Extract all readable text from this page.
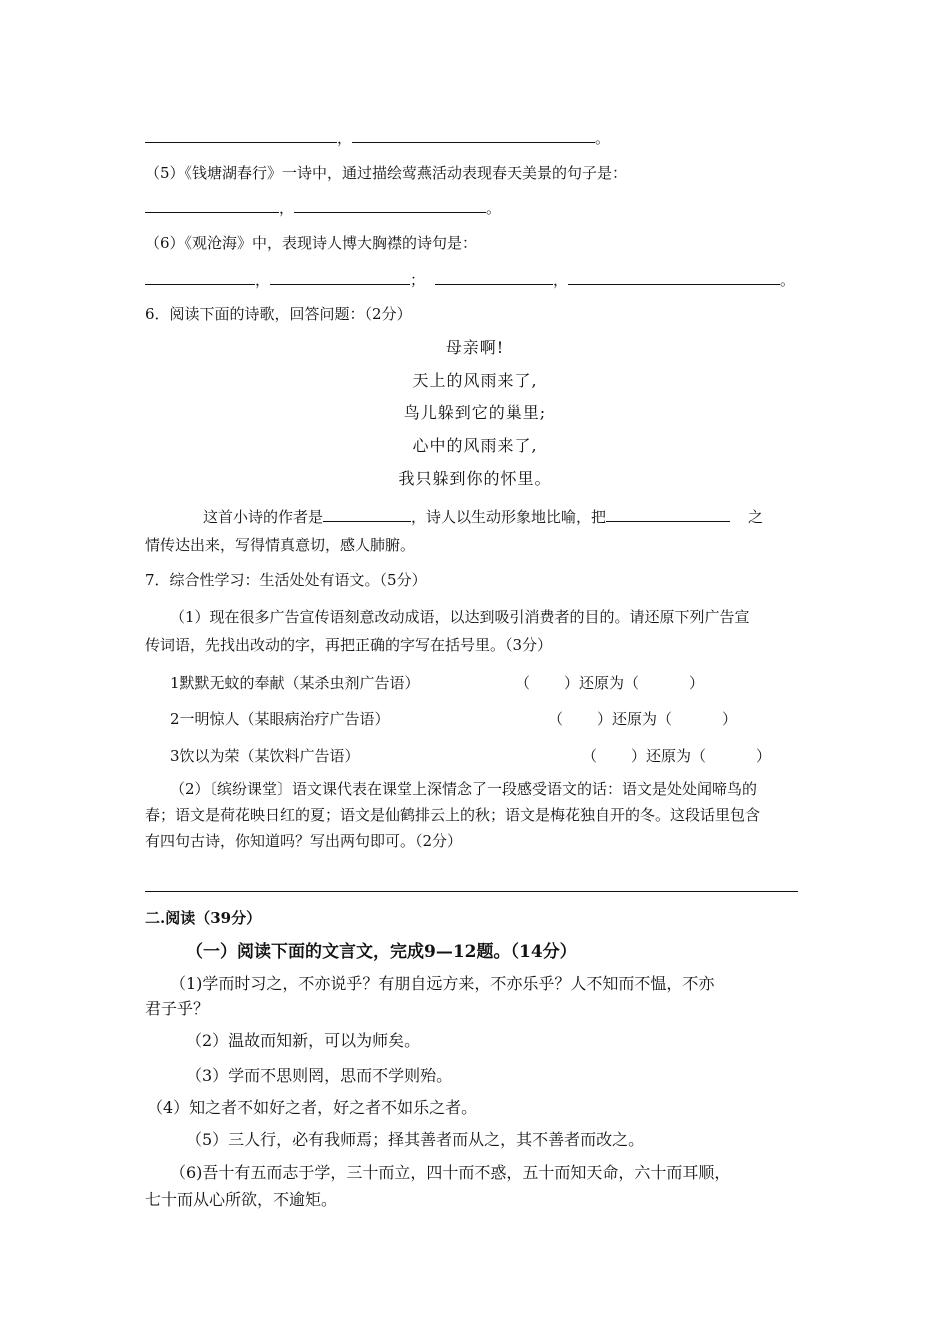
，	。
（5）《钱塘湖春行》一诗中，通过描绘莺燕活动表现春天美景的句子是：
，	。
（6）《观沧海》中，表现诗人博大胸襟的诗句是：
，	；	，	。
6．阅读下面的诗歌，回答问题：（2分）
母亲啊!
天上的风雨来了,
鸟儿躲到它的巢里;
心中的风雨来了,
我只躲到你的怀里。
这首小诗的作者是	，诗人以生动形象地比喻，把	之
情传达出来，写得情真意切，感人肺腑。
7．综合性学习：生活处处有语文。（5分）
（1）现在很多广告宣传语刻意改动成语，以达到吸引消费者的目的。请还原下列广告宣
传词语，先找出改动的字，再把正确的字写在括号里。（3分）
1默默无蚊的奉献（某杀虫剂广告语）	（ ）还原为（	）
2一明惊人（某眼病治疗广告语）	（ ）还原为（	）
3饮以为荣（某饮料广告语）	（ ）还原为（	）
（2）〔缤纷课堂〕语文课代表在课堂上深情念了一段感受语文的话：语文是处处闻啼鸟的
春；语文是荷花映日红的夏；语文是仙鹤排云上的秋；语文是梅花独自开的冬。这段话里包含
有四句古诗，你知道吗？写出两句即可。（2分）
二.阅读（39分）
（一）阅读下面的文言文，完成9—12题。（14分）
（1)学而时习之，不亦说乎？有朋自远方来，不亦乐乎？人不知而不愠，不亦
君子乎？
（2）温故而知新，可以为师矣。
（3）学而不思则罔，思而不学则殆。
（4）知之者不如好之者，好之者不如乐之者。
（5）三人行，必有我师焉；择其善者而从之，其不善者而改之。
（6)吾十有五而志于学，三十而立，四十而不惑，五十而知天命，六十而耳顺，
七十而从心所欲，不逾矩。
